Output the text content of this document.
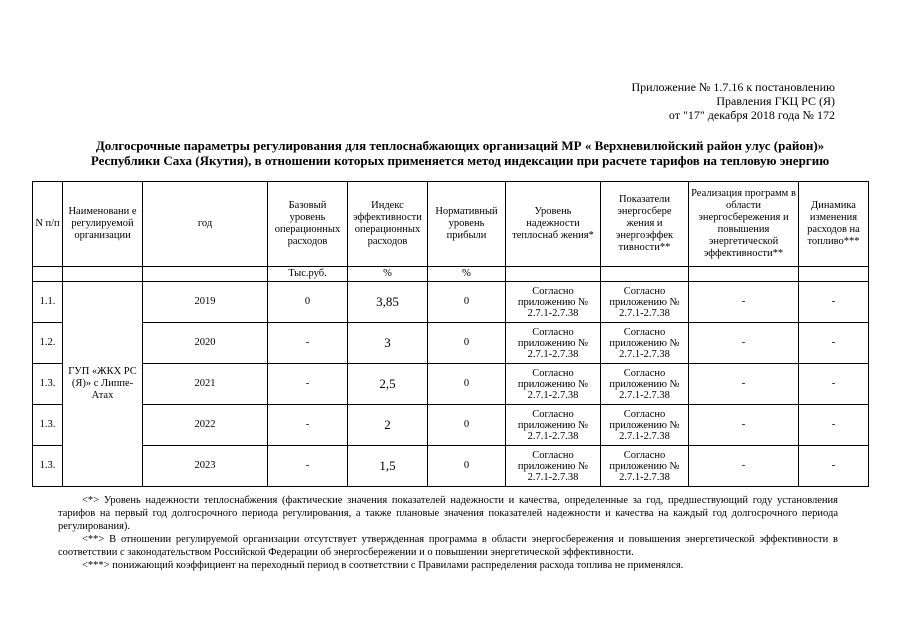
Приложение № 1.7.16 к постановлению
Правления ГКЦ РС (Я)
от "17" декабря 2018 года № 172
Долгосрочные параметры регулирования для теплоснабжающих организаций МР « Верхневилюйский район улус (район)» Республики Саха (Якутия), в отношении которых применяется метод индексации при расчете тарифов на тепловую энергию
N п/п	Наименовани е регулируемой организации	год	Базовый уровень операционных расходов	Индекс эффективности операционных расходов	Нормативный уровень прибыли	Уровень надежности теплоснаб жения*	Показатели энергосбере жения и энергоэффек тивности**	Реализация программ в области энергосбережения и повышения энергетической эффективности**	Динамика изменения расходов на топливо***
			Тыс.руб.	%	%				
1.1.	ГУП «ЖКХ РС (Я)» с Липпе-Атах	2019	0	3,85	0	Согласно приложению № 2.7.1-2.7.38	Согласно приложению № 2.7.1-2.7.38	-	-
1.2.		2020	-	3	0	Согласно приложению № 2.7.1-2.7.38	Согласно приложению № 2.7.1-2.7.38	-	-
1.3.		2021	-	2,5	0	Согласно приложению № 2.7.1-2.7.38	Согласно приложению № 2.7.1-2.7.38	-	-
1.3.		2022	-	2	0	Согласно приложению № 2.7.1-2.7.38	Согласно приложению № 2.7.1-2.7.38	-	-
1.3.		2023	-	1,5	0	Согласно приложению № 2.7.1-2.7.38	Согласно приложению № 2.7.1-2.7.38	-	-

<*> Уровень надежности теплоснабжения (фактические значения показателей надежности и качества, определенные за год, предшествующий году установления тарифов на первый год долгосрочного периода регулирования, а также плановые значения показателей надежности и качества на каждый год долгосрочного периода регулирования).

<**> В отношении регулируемой организации отсутствует утвержденная программа в области энергосбережения и повышения энергетической эффективности в соответствии с законодательством Российской Федерации об энергосбережении и о повышении энергетической эффективности.

<***> понижающий коэффициент на переходный период в соответствии с Правилами распределения расхода топлива не применялся.
